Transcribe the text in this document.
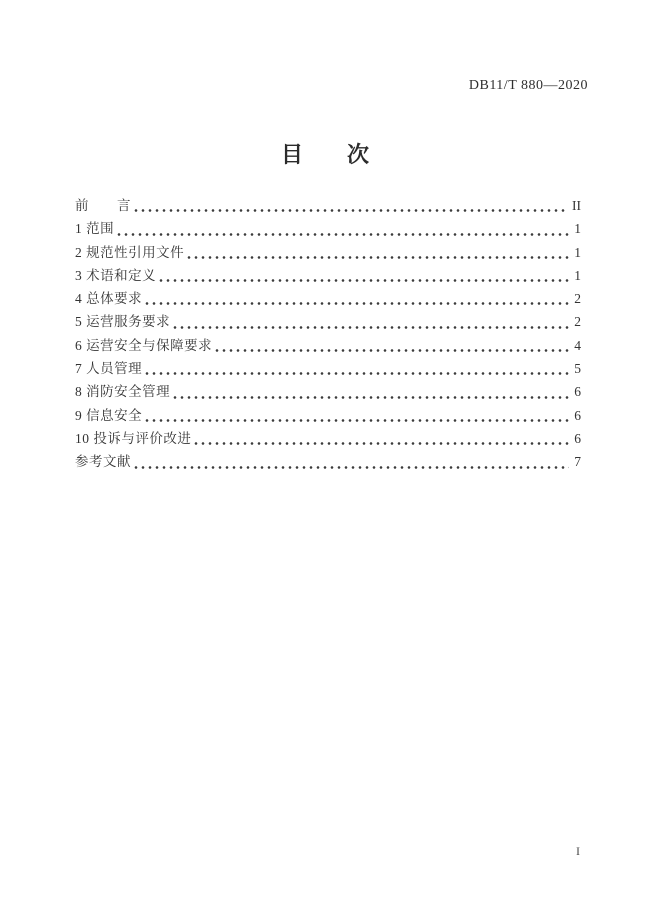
DB11/T 880—2020
目　　次
前　　言	II
1 范围	1
2 规范性引用文件	1
3 术语和定义	1
4 总体要求	2
5 运营服务要求	2
6 运营安全与保障要求	4
7 人员管理	5
8 消防安全管理	6
9 信息安全	6
10 投诉与评价改进	6
参考文献	7
I
